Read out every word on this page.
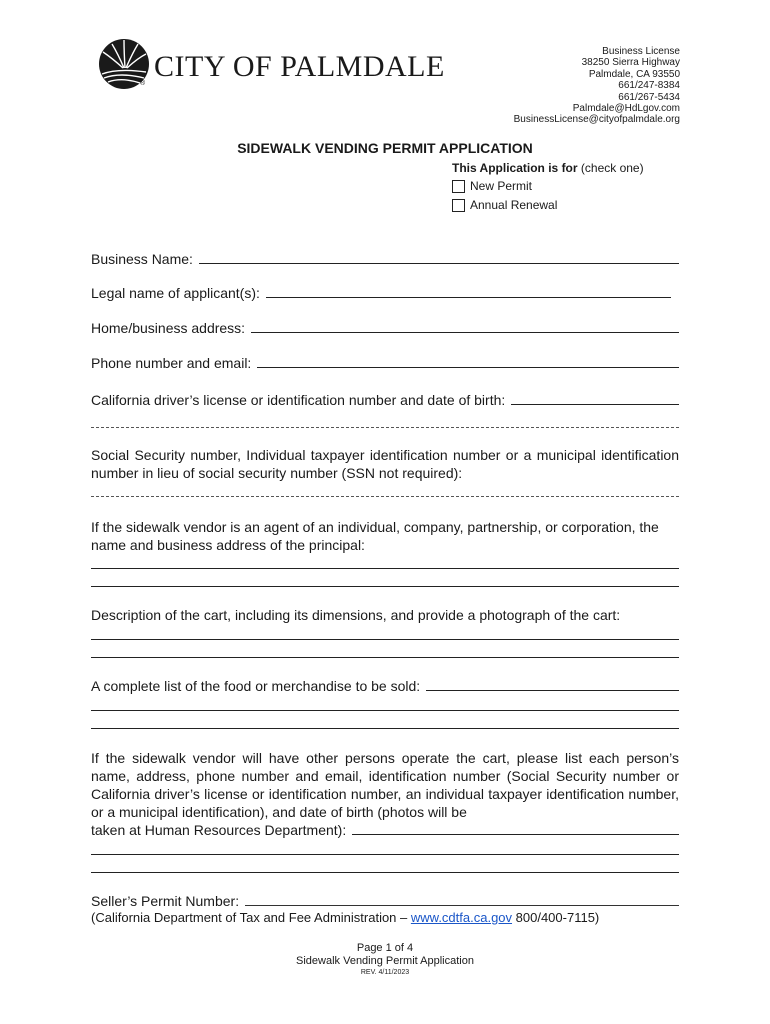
CITY OF PALMDALE
®
Business License
38250 Sierra Highway
Palmdale, CA 93550
661/247-8384
661/267-5434
Palmdale@HdLgov.com
BusinessLicense@cityofpalmdale.org
SIDEWALK VENDING PERMIT APPLICATION
This Application is for (check one)
New Permit
Annual Renewal
Business Name:
Legal name of applicant(s):
Home/business address:
Phone number and email:
California driver’s license or identification number and date of birth:
Social Security number, Individual taxpayer identification number or a municipal identification number in lieu of social security number (SSN not required):
If the sidewalk vendor is an agent of an individual, company, partnership, or corporation, the name and business address of the principal:
Description of the cart, including its dimensions, and provide a photograph of the cart:
A complete list of the food or merchandise to be sold:
If the sidewalk vendor will have other persons operate the cart, please list each person’s name, address, phone number and email, identification number (Social Security number or California driver’s license or identification number, an individual taxpayer identification number, or a municipal identification), and date of birth (photos will be
taken at Human Resources Department):
Seller’s Permit Number:
(California Department of Tax and Fee Administration – www.cdtfa.ca.gov 800/400-7115)
Page 1 of 4
Sidewalk Vending Permit Application
REV. 4/11/2023
